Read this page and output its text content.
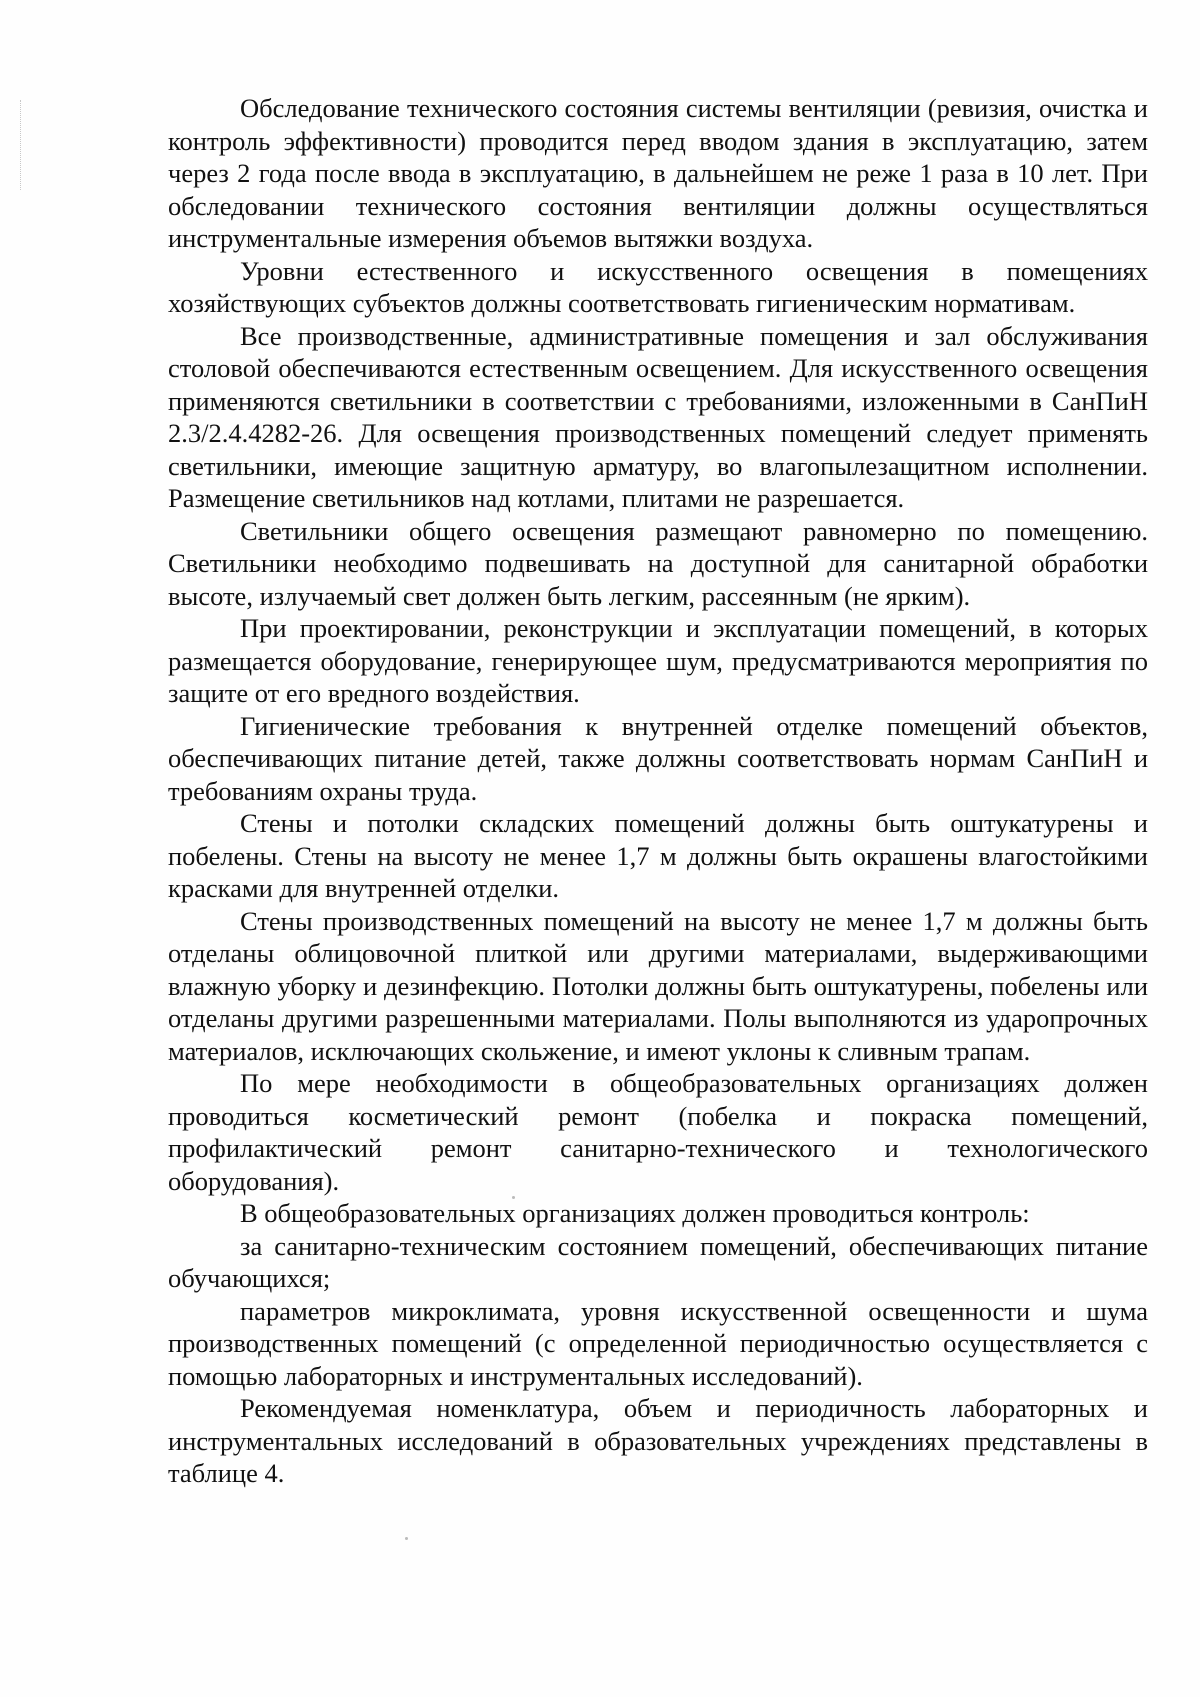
Обследование технического состояния системы вентиляции (ревизия, очистка и контроль эффективности) проводится перед вводом здания в эксплуатацию, затем через 2 года после ввода в эксплуатацию, в дальнейшем не реже 1 раза в 10 лет. При обследовании технического состояния вентиляции должны осуществляться инструментальные измерения объемов вытяжки воздуха.

Уровни естественного и искусственного освещения в помещениях хозяйствующих субъектов должны соответствовать гигиеническим нормативам.

Все производственные, административные помещения и зал обслуживания столовой обеспечиваются естественным освещением. Для искусственного освещения применяются светильники в соответствии с требованиями, изложенными в СанПиН 2.3/2.4.4282-26. Для освещения производственных помещений следует применять светильники, имеющие защитную арматуру, во влагопылезащитном исполнении. Размещение светильников над котлами, плитами не разрешается.

Светильники общего освещения размещают равномерно по помещению. Светильники необходимо подвешивать на доступной для санитарной обработки высоте, излучаемый свет должен быть легким, рассеянным (не ярким).

При проектировании, реконструкции и эксплуатации помещений, в которых размещается оборудование, генерирующее шум, предусматриваются мероприятия по защите от его вредного воздействия.

Гигиенические требования к внутренней отделке помещений объектов, обеспечивающих питание детей, также должны соответствовать нормам СанПиН и требованиям охраны труда.

Стены и потолки складских помещений должны быть оштукатурены и побелены. Стены на высоту не менее 1,7 м должны быть окрашены влагостойкими красками для внутренней отделки.

Стены производственных помещений на высоту не менее 1,7 м должны быть отделаны облицовочной плиткой или другими материалами, выдерживающими влажную уборку и дезинфекцию. Потолки должны быть оштукатурены, побелены или отделаны другими разрешенными материалами. Полы выполняются из ударопрочных материалов, исключающих скольжение, и имеют уклоны к сливным трапам.

По мере необходимости в общеобразовательных организациях должен проводиться косметический ремонт (побелка и покраска помещений, профилактический ремонт санитарно-технического и технологического оборудования).

В общеобразовательных организациях должен проводиться контроль:

за санитарно-техническим состоянием помещений, обеспечивающих питание обучающихся;

параметров микроклимата, уровня искусственной освещенности и шума производственных помещений (с определенной периодичностью осуществляется с помощью лабораторных и инструментальных исследований).

Рекомендуемая номенклатура, объем и периодичность лабораторных и инструментальных исследований в образовательных учреждениях представлены в таблице 4.
